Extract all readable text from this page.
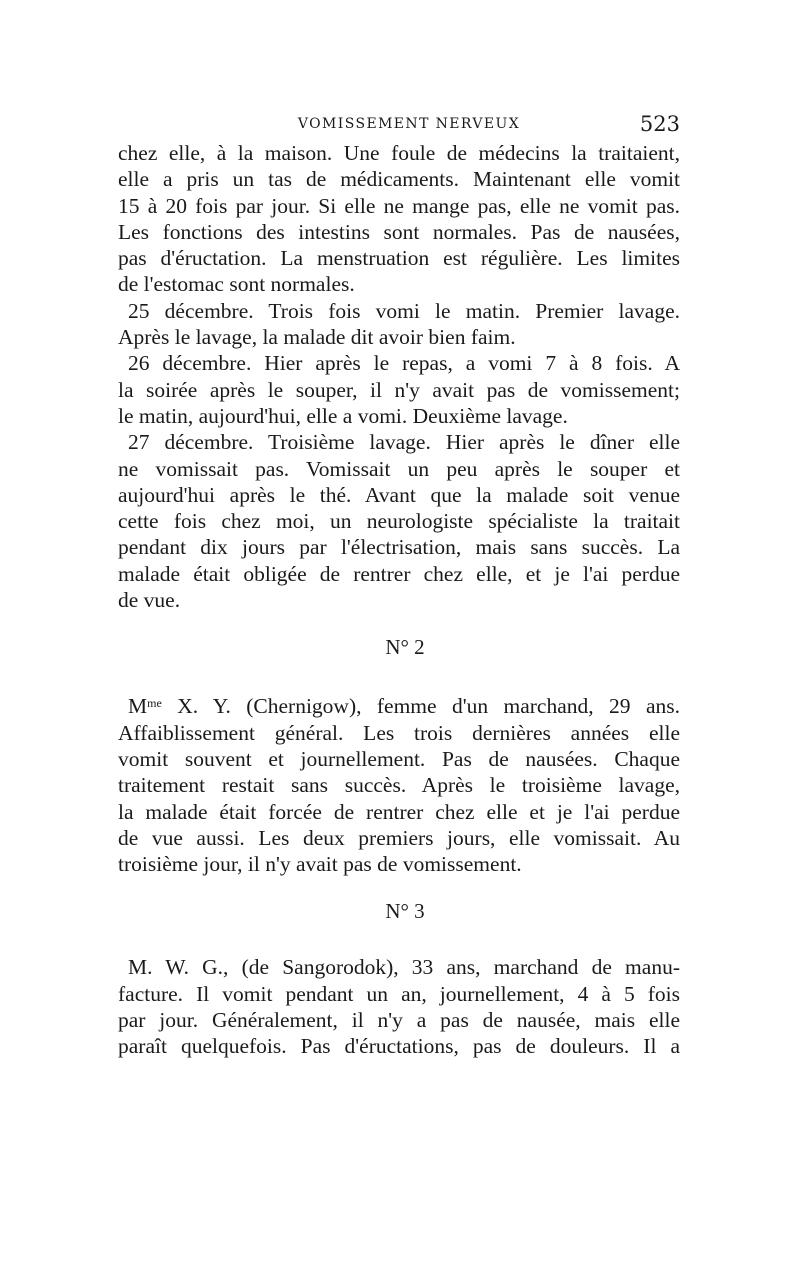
VOMISSEMENT NERVEUX	523
chez elle, à la maison. Une foule de médecins la traitaient,
elle a pris un tas de médicaments. Maintenant elle vomit
15 à 20 fois par jour. Si elle ne mange pas, elle ne vomit pas.
Les fonctions des intestins sont normales. Pas de nausées,
pas d'éructation. La menstruation est régulière. Les limites
de l'estomac sont normales.
25 décembre. Trois fois vomi le matin. Premier lavage.
Après le lavage, la malade dit avoir bien faim.
26 décembre. Hier après le repas, a vomi 7 à 8 fois. A
la soirée après le souper, il n'y avait pas de vomissement;
le matin, aujourd'hui, elle a vomi. Deuxième lavage.
27 décembre. Troisième lavage. Hier après le dîner elle
ne vomissait pas. Vomissait un peu après le souper et
aujourd'hui après le thé. Avant que la malade soit venue
cette fois chez moi, un neurologiste spécialiste la traitait
pendant dix jours par l'électrisation, mais sans succès. La
malade était obligée de rentrer chez elle, et je l'ai perdue
de vue.

N° 2

$M^{me}$ X. Y. (Chernigow), femme d'un marchand, 29 ans.
Affaiblissement général. Les trois dernières années elle
vomit souvent et journellement. Pas de nausées. Chaque
traitement restait sans succès. Après le troisième lavage,
la malade était forcée de rentrer chez elle et je l'ai perdue
de vue aussi. Les deux premiers jours, elle vomissait. Au
troisième jour, il n'y avait pas de vomissement.

N° 3

M. W. G., (de Sangorodok), 33 ans, marchand de manu-
facture. Il vomit pendant un an, journellement, 4 à 5 fois
par jour. Généralement, il n'y a pas de nausée, mais elle
paraît quelquefois. Pas d'éructations, pas de douleurs. Il a
